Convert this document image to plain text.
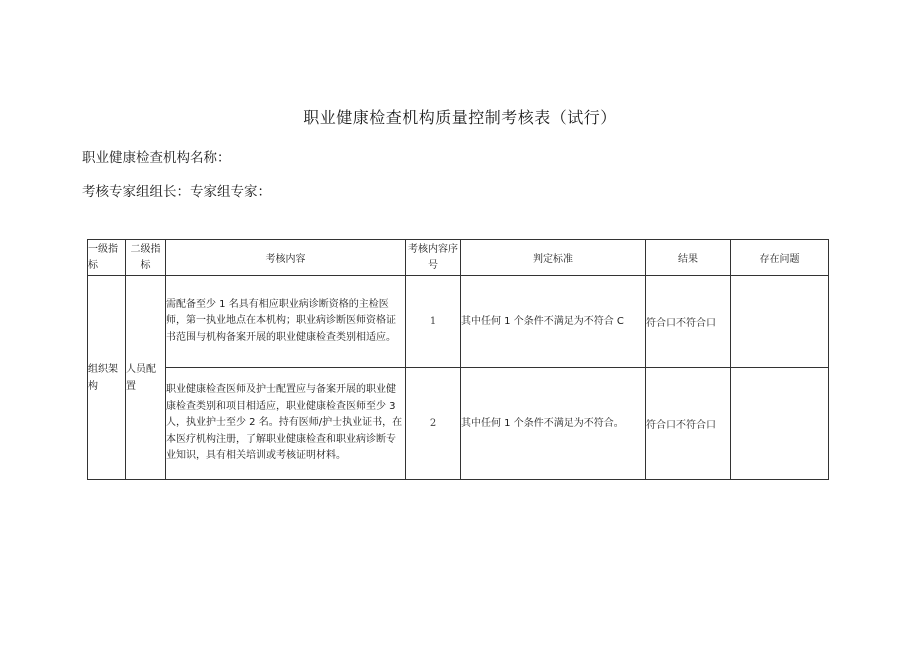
职业健康检查机构质量控制考核表（试行）
职业健康检查机构名称：
考核专家组组长：专家组专家：
一级指标	二级指标	考核内容	考核内容序号	判定标准	结果	存在问题
组织架构	人员配置	需配备至少 1 名具有相应职业病诊断资格的主检医师，第一执业地点在本机构；职业病诊断医师资格证书范围与机构备案开展的职业健康检查类别相适应。	1	其中任何 1 个条件不满足为不符合 C	符合口不符合口	
		职业健康检查医师及护士配置应与备案开展的职业健康检查类别和项目相适应，职业健康检查医师至少 3 人，执业护士至少 2 名。持有医师/护士执业证书，在本医疗机构注册，了解职业健康检查和职业病诊断专业知识，具有相关培训或考核证明材料。	2	其中任何 1 个条件不满足为不符合。	符合口不符合口	
